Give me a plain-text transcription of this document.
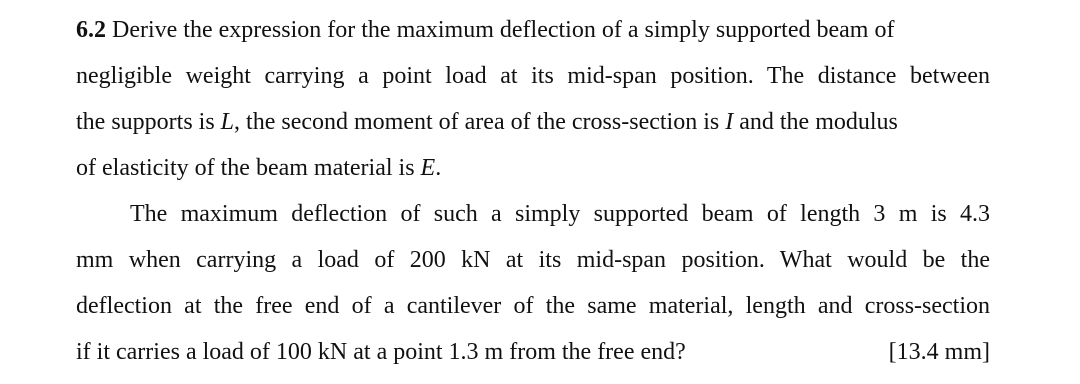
6.2 Derive the expression for the maximum deflection of a simply supported beam of
negligible weight carrying a point load at its mid-span position. The distance between
the supports is L, the second moment of area of the cross-section is I and the modulus
of elasticity of the beam material is E.
The maximum deflection of such a simply supported beam of length 3 m is 4.3
mm when carrying a load of 200 kN at its mid-span position. What would be the
deflection at the free end of a cantilever of the same material, length and cross-section
if it carries a load of 100 kN at a point 1.3 m from the free end?	[13.4 mm]
